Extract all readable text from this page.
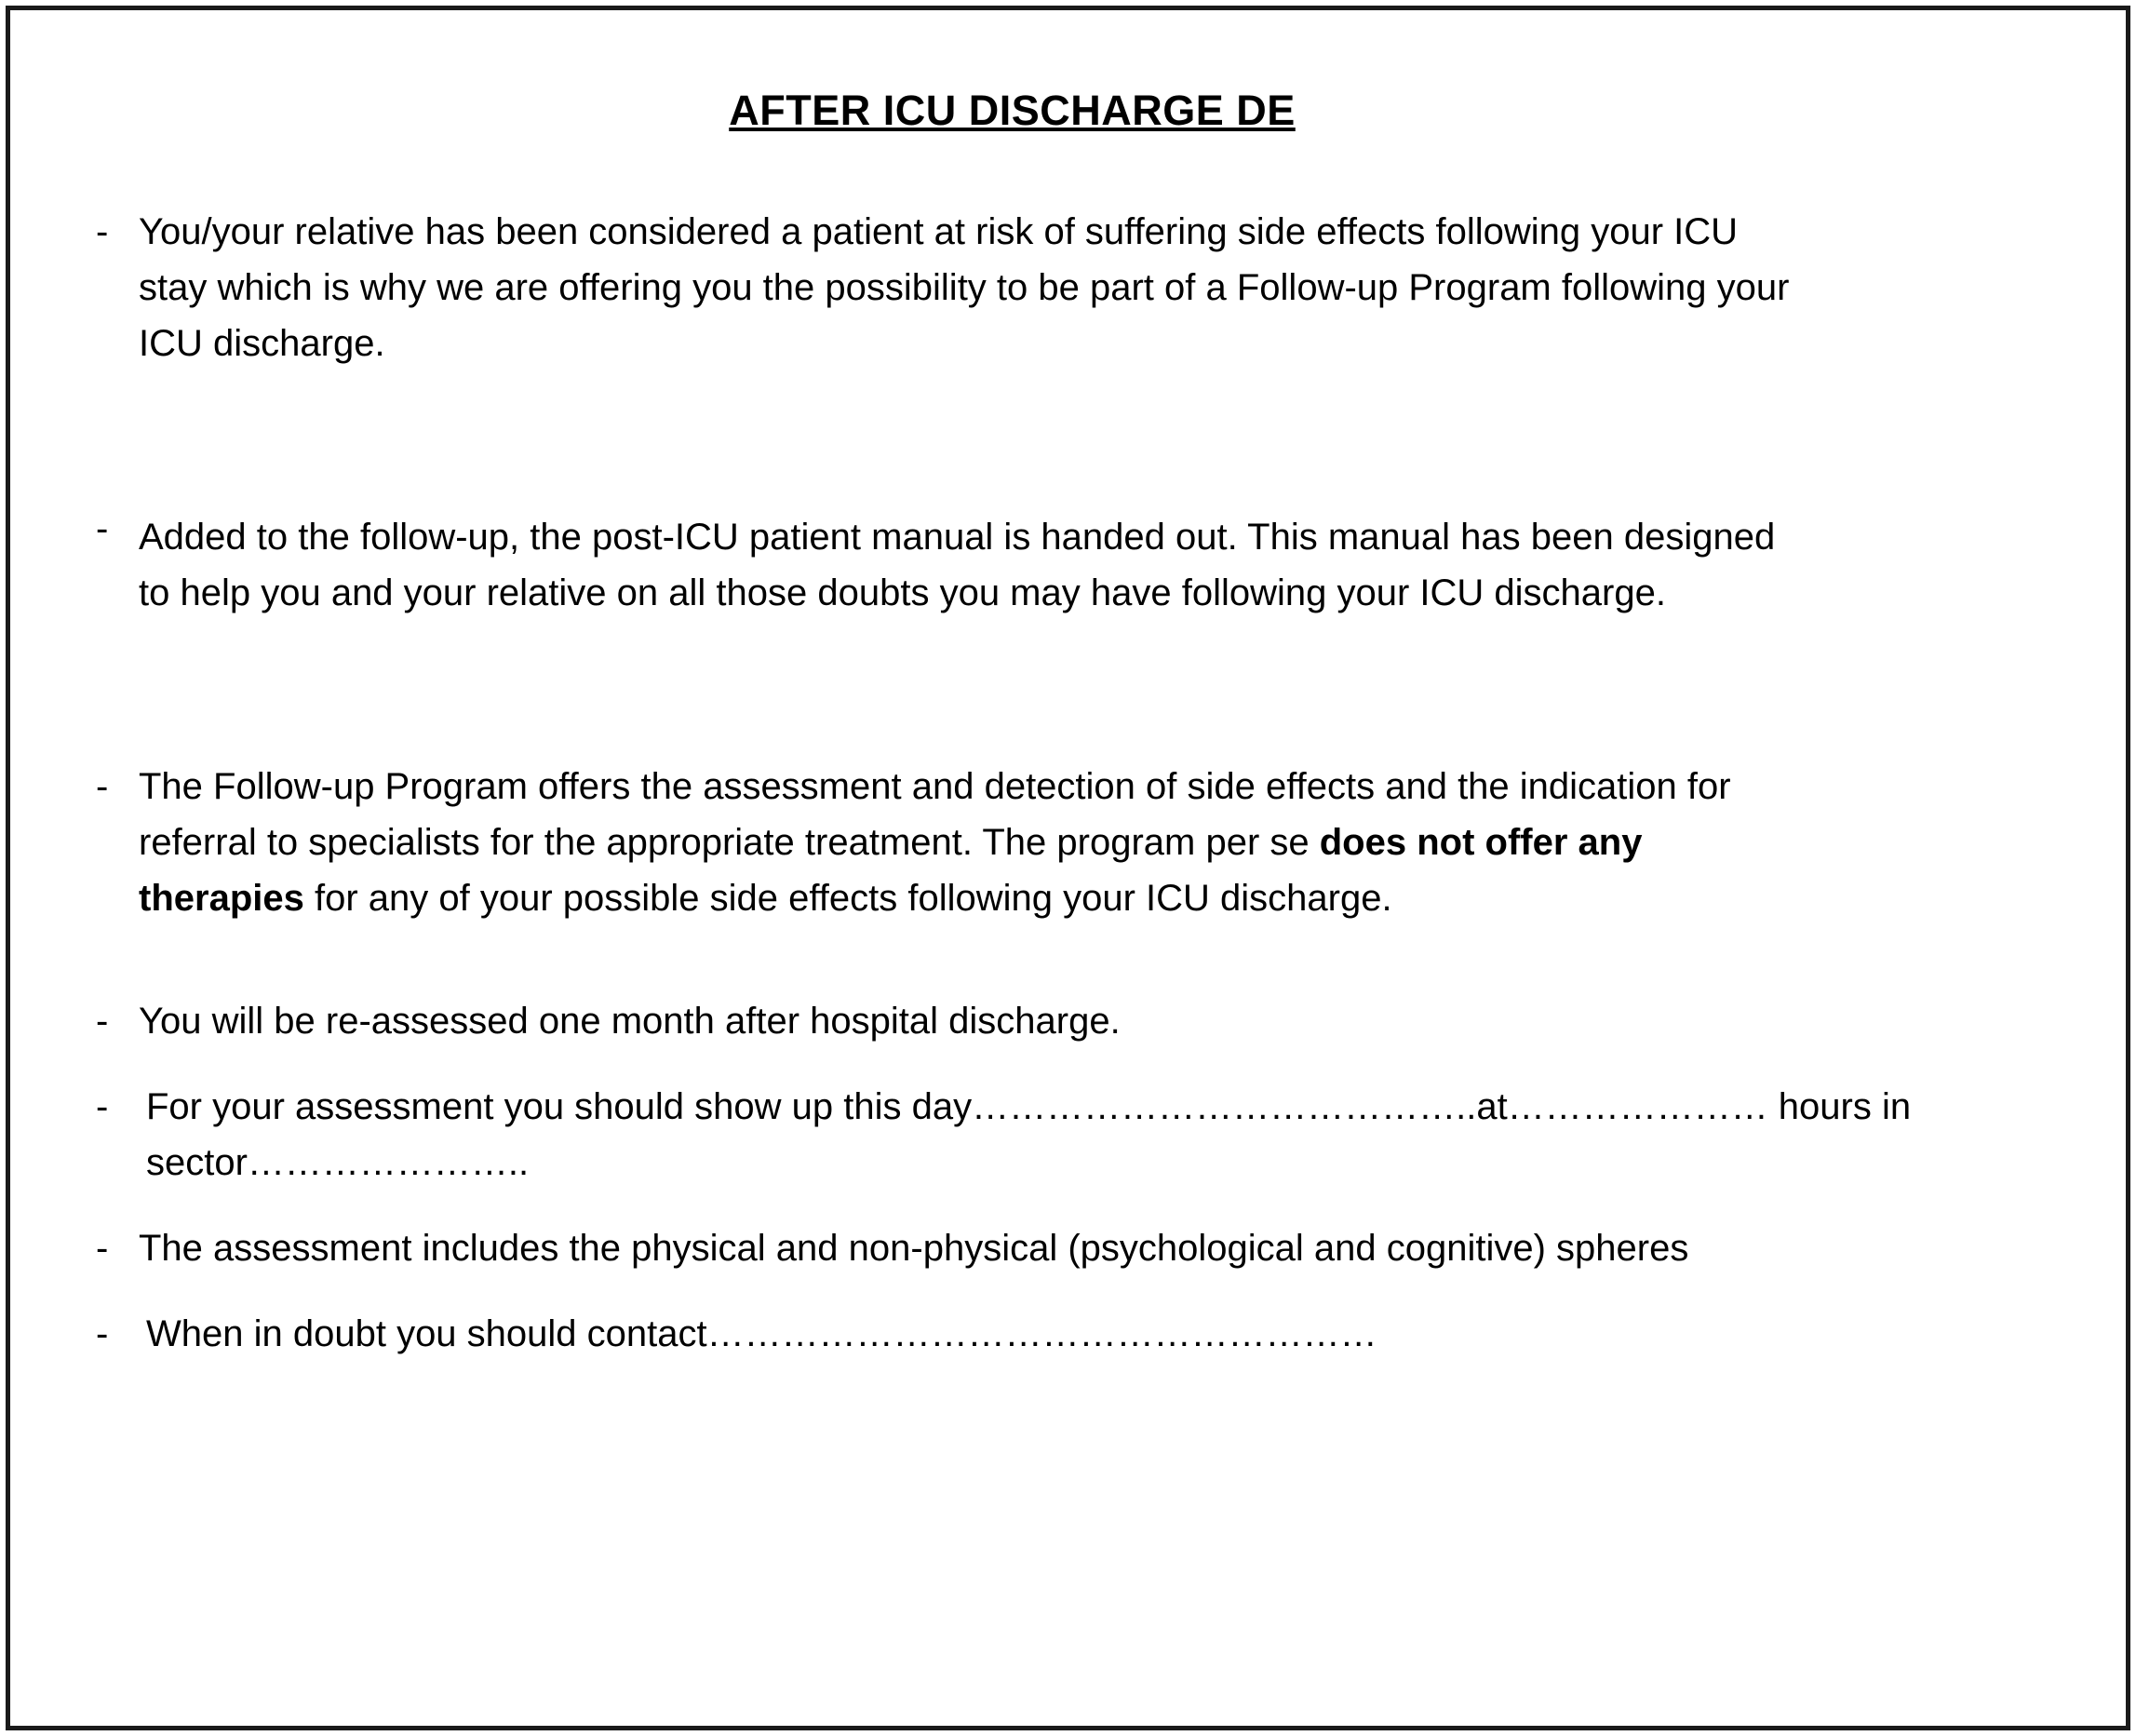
AFTER ICU DISCHARGE DE
- You/your relative has been considered a patient at risk of suffering side effects following your ICU stay which is why we are offering you the possibility to be part of a Follow-up Program following your ICU discharge.
- Added to the follow-up, the post-ICU patient manual is handed out. This manual has been designed to help you and your relative on all those doubts you may have following your ICU discharge.
- The Follow-up Program offers the assessment and detection of side effects and the indication for referral to specialists for the appropriate treatment. The program per se does not offer any therapies for any of your possible side effects following your ICU discharge.
- You will be re-assessed one month after hospital discharge.
-	For your assessment you should show up this day…………………………………..at………………… hours in sector…………………..
- The assessment includes the physical and non-physical (psychological and cognitive) spheres
-	When in doubt you should contact………………………………………………
